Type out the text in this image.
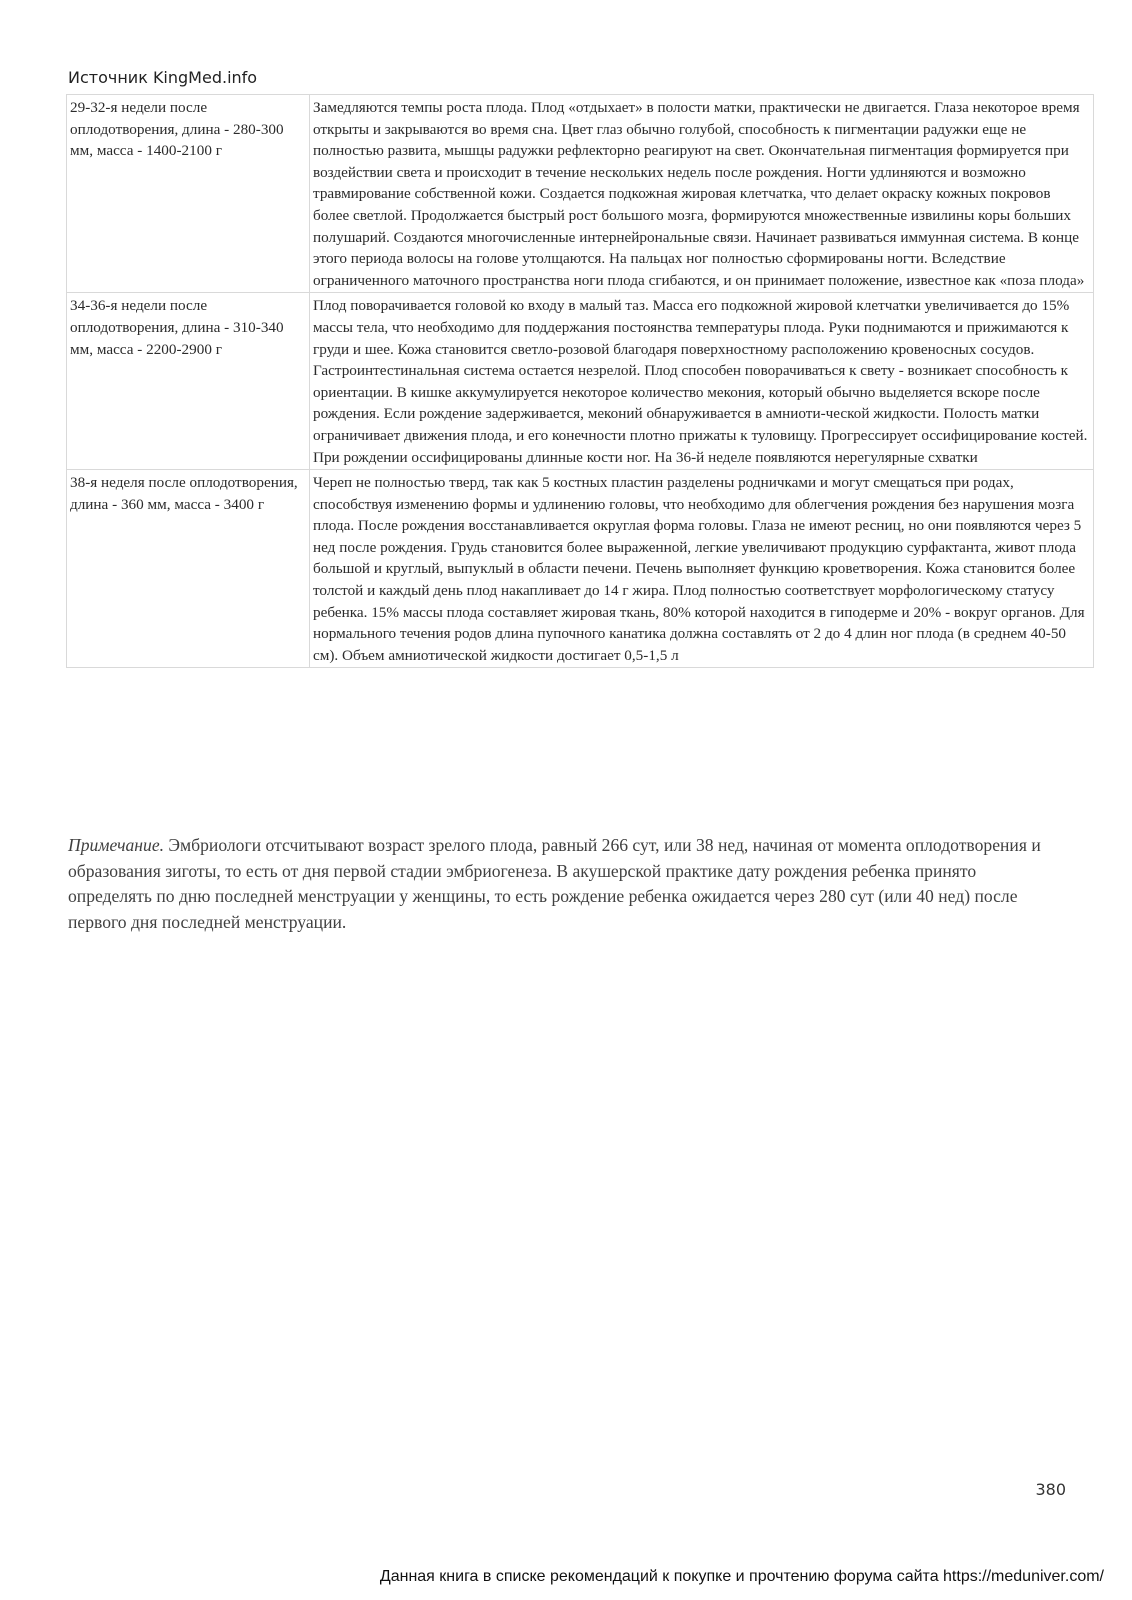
Источник KingMed.info
29-32-я недели после оплодотворения, длина - 280-300 мм, масса - 1400-2100 г	Замедляются темпы роста плода. Плод «отдыхает» в полости матки, практически не двигается. Глаза некоторое время открыты и закрываются во время сна. Цвет глаз обычно голубой, способность к пигментации радужки еще не полностью развита, мышцы радужки рефлекторно реагируют на свет. Окончательная пигментация формируется при воздействии света и происходит в течение нескольких недель после рождения. Ногти удлиняются и возможно травмирование собственной кожи. Создается подкожная жировая клетчатка, что делает окраску кожных покровов более светлой. Продолжается быстрый рост большого мозга, формируются множественные извилины коры больших полушарий. Создаются многочисленные интернейрональные связи. Начинает развиваться иммунная система. В конце этого периода волосы на голове утолщаются. На пальцах ног полностью сформированы ногти. Вследствие ограниченного маточного пространства ноги плода сгибаются, и он принимает положение, известное как «поза плода»
34-36-я недели после оплодотворения, длина - 310-340 мм, масса - 2200-2900 г	Плод поворачивается головой ко входу в малый таз. Масса его подкожной жировой клетчатки увеличивается до 15% массы тела, что необходимо для поддержания постоянства температуры плода. Руки поднимаются и прижимаются к груди и шее. Кожа становится светло-розовой благодаря поверхностному расположению кровеносных сосудов. Гастроинтестинальная система остается незрелой. Плод способен поворачиваться к свету - возникает способность к ориентации. В кишке аккумулируется некоторое количество мекония, который обычно выделяется вскоре после рождения. Если рождение задерживается, меконий обнаруживается в амниоти-ческой жидкости. Полость матки ограничивает движения плода, и его конечности плотно прижаты к туловищу. Прогрессирует оссифицирование костей. При рождении оссифицированы длинные кости ног. На 36-й неделе появляются нерегулярные схватки
38-я неделя после оплодотворения, длина - 360 мм, масса - 3400 г	Череп не полностью тверд, так как 5 костных пластин разделены родничками и могут смещаться при родах, способствуя изменению формы и удлинению головы, что необходимо для облегчения рождения без нарушения мозга плода. После рождения восстанавливается округлая форма головы. Глаза не имеют ресниц, но они появляются через 5 нед после рождения. Грудь становится более выраженной, легкие увеличивают продукцию сурфактанта, живот плода большой и круглый, выпуклый в области печени. Печень выполняет функцию кроветворения. Кожа становится более толстой и каждый день плод накапливает до 14 г жира. Плод полностью соответствует морфологическому статусу ребенка. 15% массы плода составляет жировая ткань, 80% которой находится в гиподерме и 20% - вокруг органов. Для нормального течения родов длина пупочного канатика должна составлять от 2 до 4 длин ног плода (в среднем 40-50 см). Объем амниотической жидкости достигает 0,5-1,5 л
Примечание. Эмбриологи отсчитывают возраст зрелого плода, равный 266 сут, или 38 нед, начиная от момента оплодотворения и образования зиготы, то есть от дня первой стадии эмбриогенеза. В акушерской практике дату рождения ребенка принято определять по дню последней менструации у женщины, то есть рождение ребенка ожидается через 280 сут (или 40 нед) после первого дня последней менструации.
380
Данная книга в списке рекомендаций к покупке и прочтению форума сайта https://meduniver.com/
